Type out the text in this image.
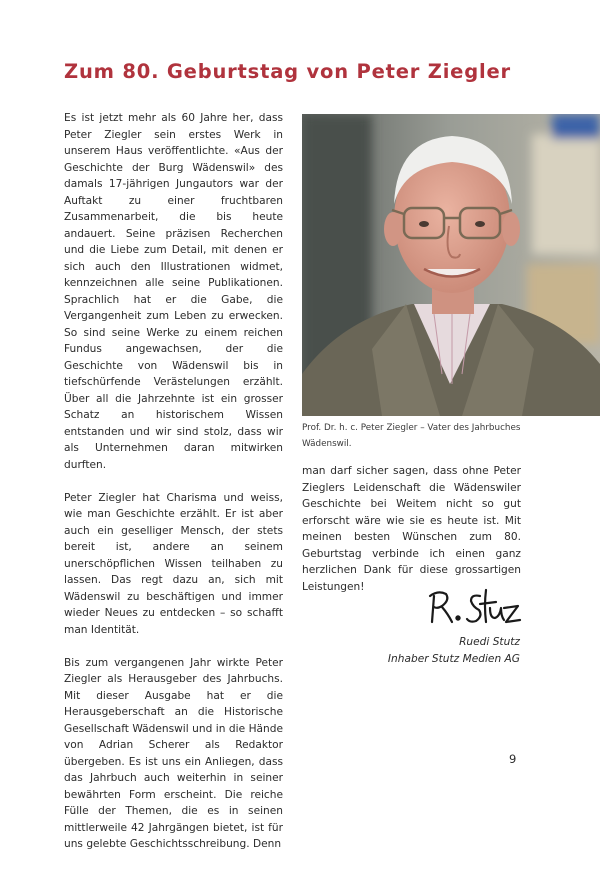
Zum 80. Geburtstag von Peter Ziegler

Es ist jetzt mehr als 60 Jahre her, dass Peter Ziegler sein erstes Werk in unserem Haus veröffentlichte. «Aus der Geschichte der Burg Wädenswil» des damals 17-jährigen Jungautors war der Auftakt zu einer fruchtbaren Zusammenarbeit, die bis heute andauert. Seine präzisen Recherchen und die Liebe zum Detail, mit denen er sich auch den Illustrationen widmet, kennzeichnen alle seine Publikationen. Sprachlich hat er die Gabe, die Vergangenheit zum Leben zu erwecken. So sind seine Werke zu einem reichen Fundus angewachsen, der die Geschichte von Wädenswil bis in tiefschürfende Verästelungen erzählt. Über all die Jahrzehnte ist ein grosser Schatz an historischem Wissen entstanden und wir sind stolz, dass wir als Unternehmen daran mitwirken durften.

Peter Ziegler hat Charisma und weiss, wie man Geschichte erzählt. Er ist aber auch ein geselliger Mensch, der stets bereit ist, andere an seinem unerschöpflichen Wissen teilhaben zu lassen. Das regt dazu an, sich mit Wädenswil zu beschäftigen und immer wieder Neues zu entdecken – so schafft man Identität.

Bis zum vergangenen Jahr wirkte Peter Ziegler als Herausgeber des Jahrbuchs. Mit dieser Ausgabe hat er die Herausgeberschaft an die Historische Gesellschaft Wädenswil und in die Hände von Adrian Scherer als Redaktor übergeben. Es ist uns ein Anliegen, dass das Jahrbuch auch weiterhin in seiner bewährten Form erscheint. Die reiche Fülle der Themen, die es in seinen mittlerweile 42 Jahrgängen bietet, ist für uns gelebte Geschichtsschreibung. Denn

Prof. Dr. h. c. Peter Ziegler – Vater des Jahrbuches Wädenswil.

man darf sicher sagen, dass ohne Peter Zieglers Leidenschaft die Wädenswiler Geschichte bei Weitem nicht so gut erforscht wäre wie sie es heute ist. Mit meinen besten Wünschen zum 80. Geburtstag verbinde ich einen ganz herzlichen Dank für diese grossartigen Leistungen!

Ruedi Stutz
Inhaber Stutz Medien AG
9
